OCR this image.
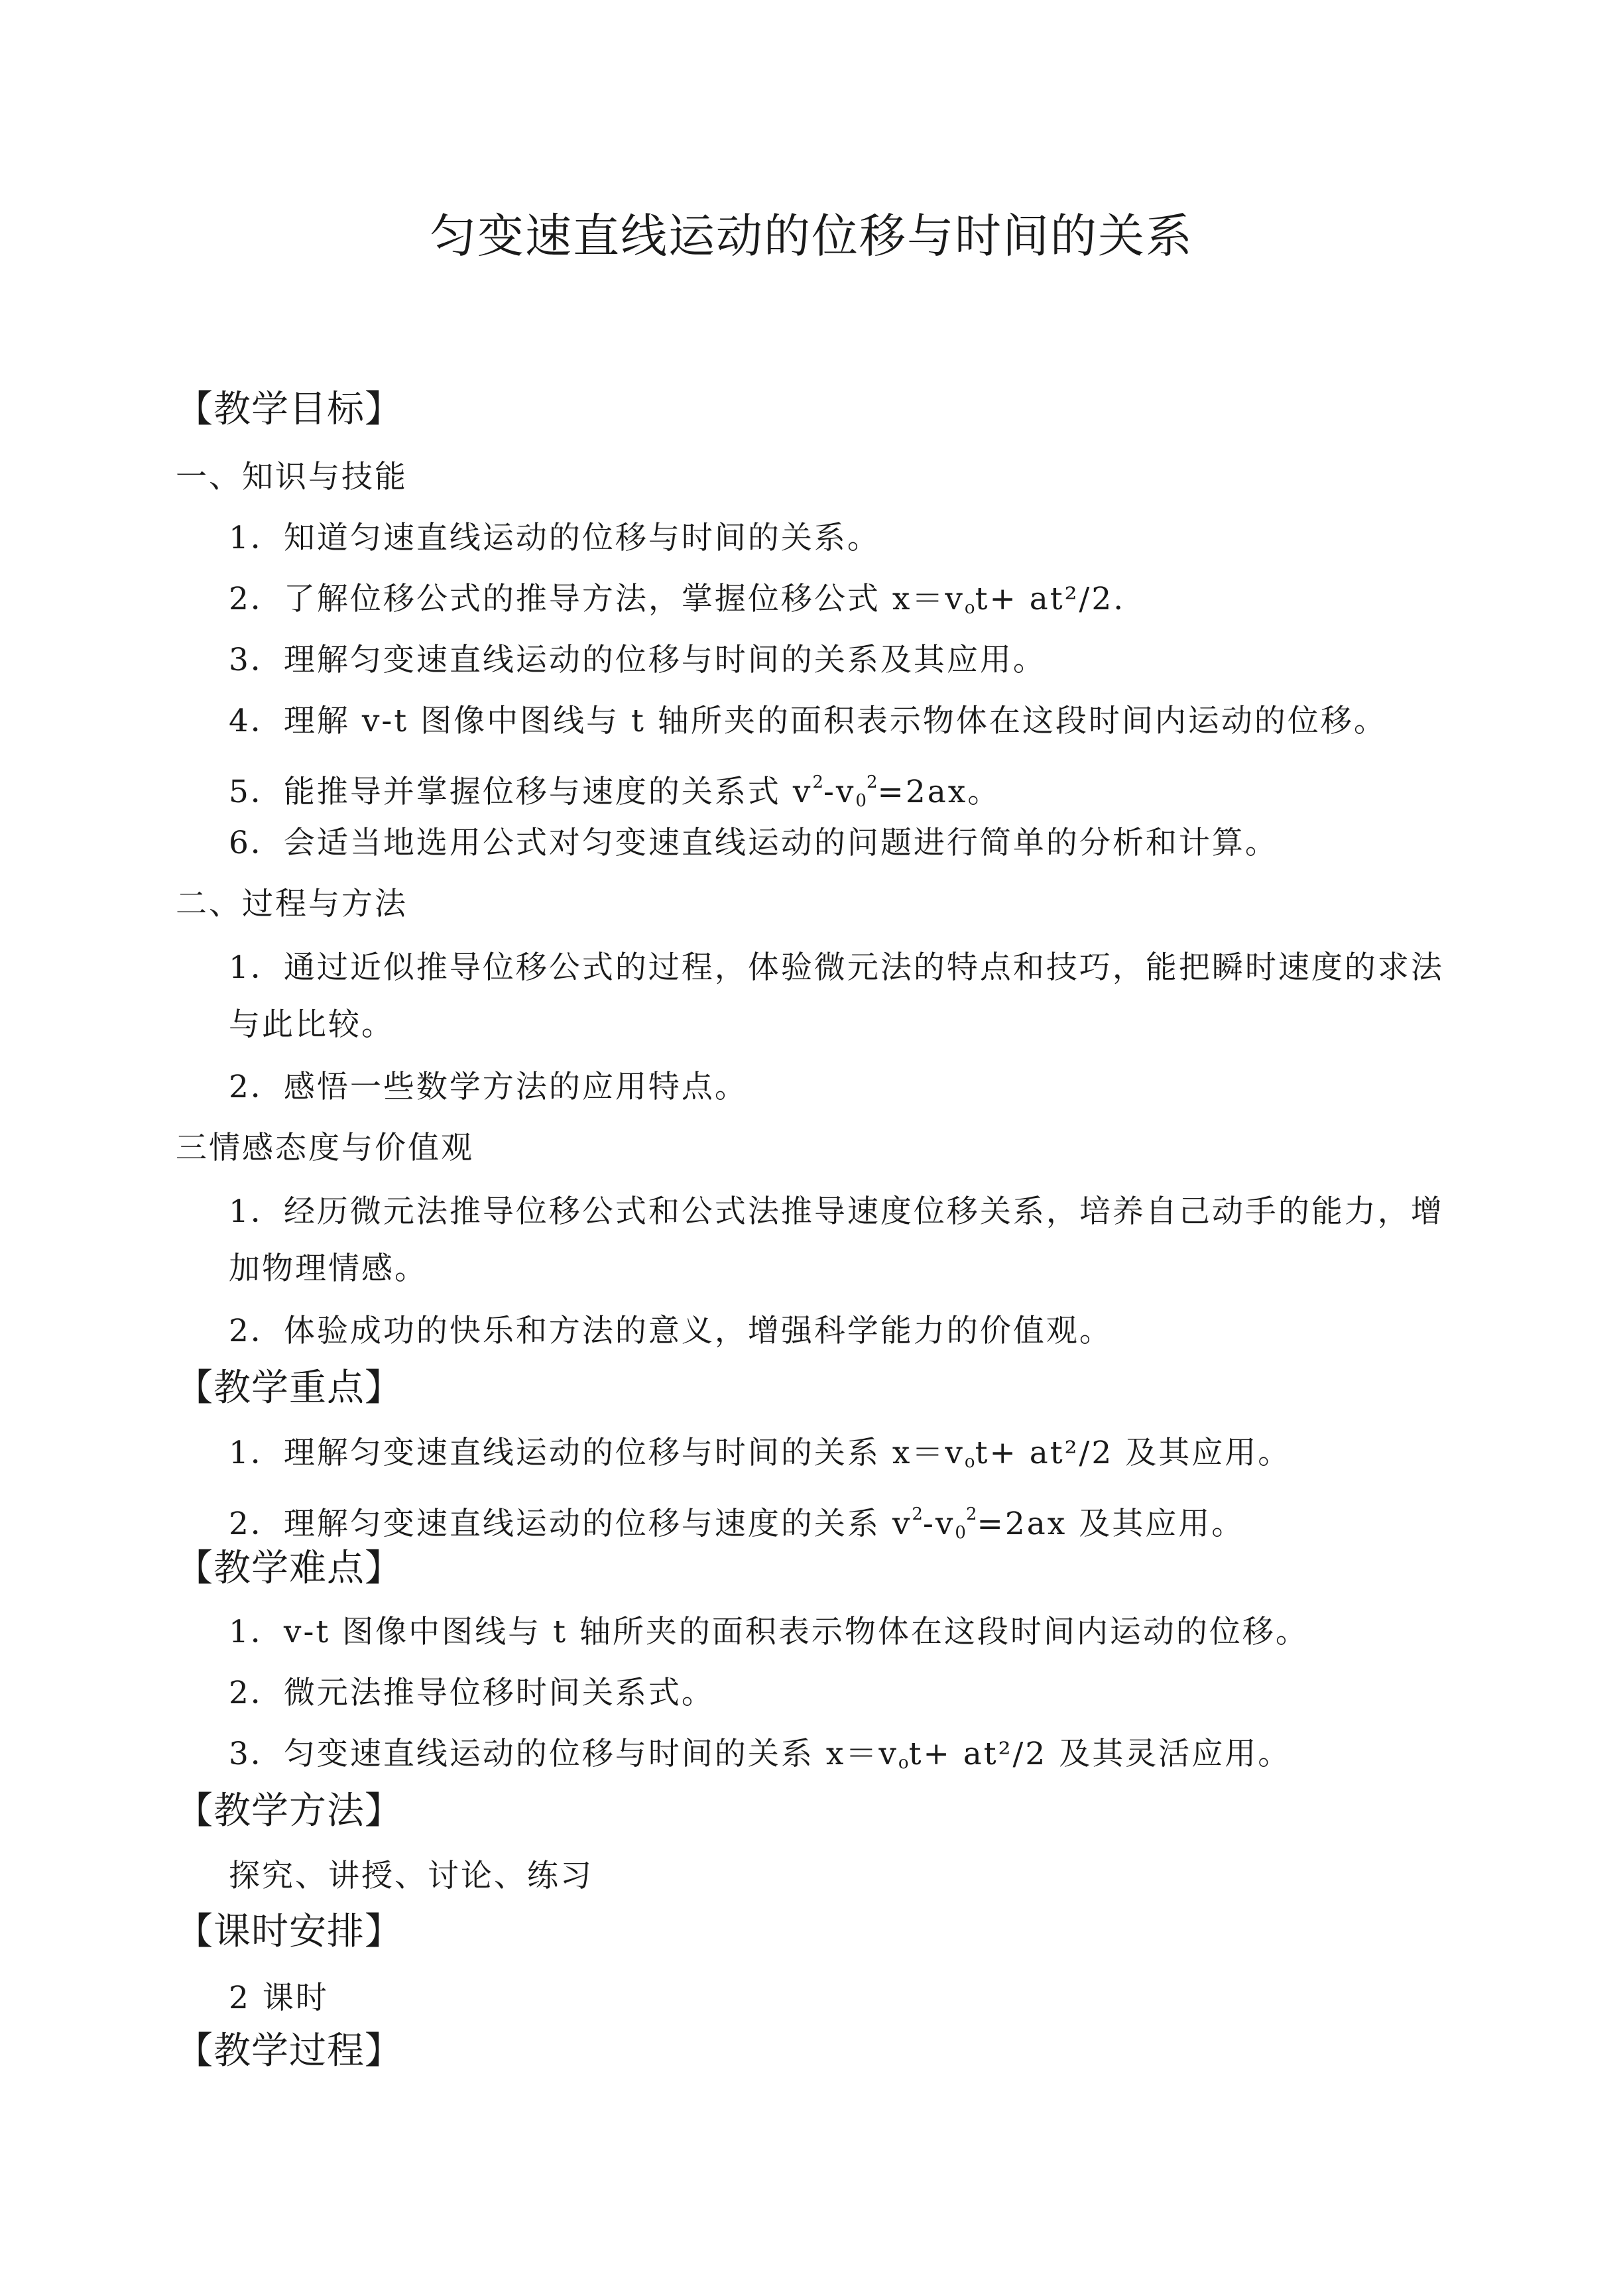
匀变速直线运动的位移与时间的关系
【教学目标】
一、知识与技能
1．知道匀速直线运动的位移与时间的关系。
2．了解位移公式的推导方法，掌握位移公式 $x=v_ot+ at^2/2$.
3．理解匀变速直线运动的位移与时间的关系及其应用。
4．理解 v-t 图像中图线与 t 轴所夹的面积表示物体在这段时间内运动的位移。
5．能推导并掌握位移与速度的关系式 $v^2-v_0^2=2ax$。
6．会适当地选用公式对匀变速直线运动的问题进行简单的分析和计算。
二、过程与方法
1．通过近似推导位移公式的过程，体验微元法的特点和技巧，能把瞬时速度的求法与此比较。
2．感悟一些数学方法的应用特点。
三情感态度与价值观
1．经历微元法推导位移公式和公式法推导速度位移关系，培养自己动手的能力，增加物理情感。
2．体验成功的快乐和方法的意义，增强科学能力的价值观。
【教学重点】
1．理解匀变速直线运动的位移与时间的关系 $x=v_ot+ at^2/2$ 及其应用。
2．理解匀变速直线运动的位移与速度的关系 $v^2-v_0^2=2ax$ 及其应用。
【教学难点】
1．v-t 图像中图线与 t 轴所夹的面积表示物体在这段时间内运动的位移。
2．微元法推导位移时间关系式。
3．匀变速直线运动的位移与时间的关系 $x=v_ot+ at^2/2$ 及其灵活应用。
【教学方法】
探究、讲授、讨论、练习
【课时安排】
2 课时
【教学过程】
